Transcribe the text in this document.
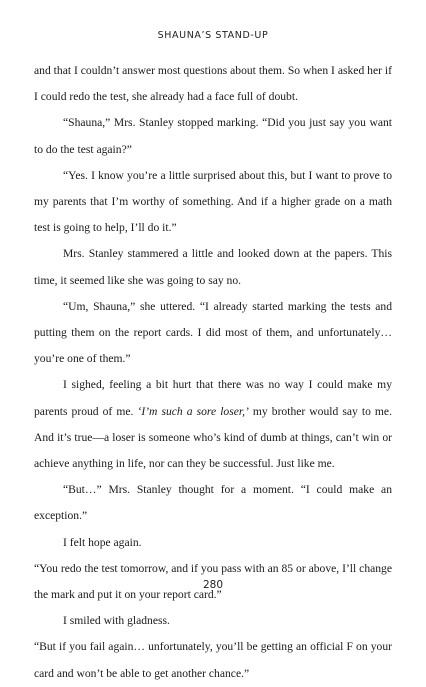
SHAUNA’S STAND-UP

and that I couldn’t answer most questions about them. So when I asked her if I could redo the test, she already had a face full of doubt.

“Shauna,” Mrs. Stanley stopped marking. “Did you just say you want to do the test again?”

“Yes. I know you’re a little surprised about this, but I want to prove to my parents that I’m worthy of something. And if a higher grade on a math test is going to help, I’ll do it.”

Mrs. Stanley stammered a little and looked down at the papers. This time, it seemed like she was going to say no.

“Um, Shauna,” she uttered. “I already started marking the tests and putting them on the report cards. I did most of them, and unfortunately… you’re one of them.”

I sighed, feeling a bit hurt that there was no way I could make my parents proud of me. ‘I’m such a sore loser,’ my brother would say to me. And it’s true—a loser is someone who’s kind of dumb at things, can’t win or achieve anything in life, nor can they be successful. Just like me.

“But…” Mrs. Stanley thought for a moment. “I could make an exception.”

I felt hope again.

“You redo the test tomorrow, and if you pass with an 85 or above, I’ll change the mark and put it on your report card.”

I smiled with gladness.

“But if you fail again… unfortunately, you’ll be getting an official F on your card and won’t be able to get another chance.”

280
